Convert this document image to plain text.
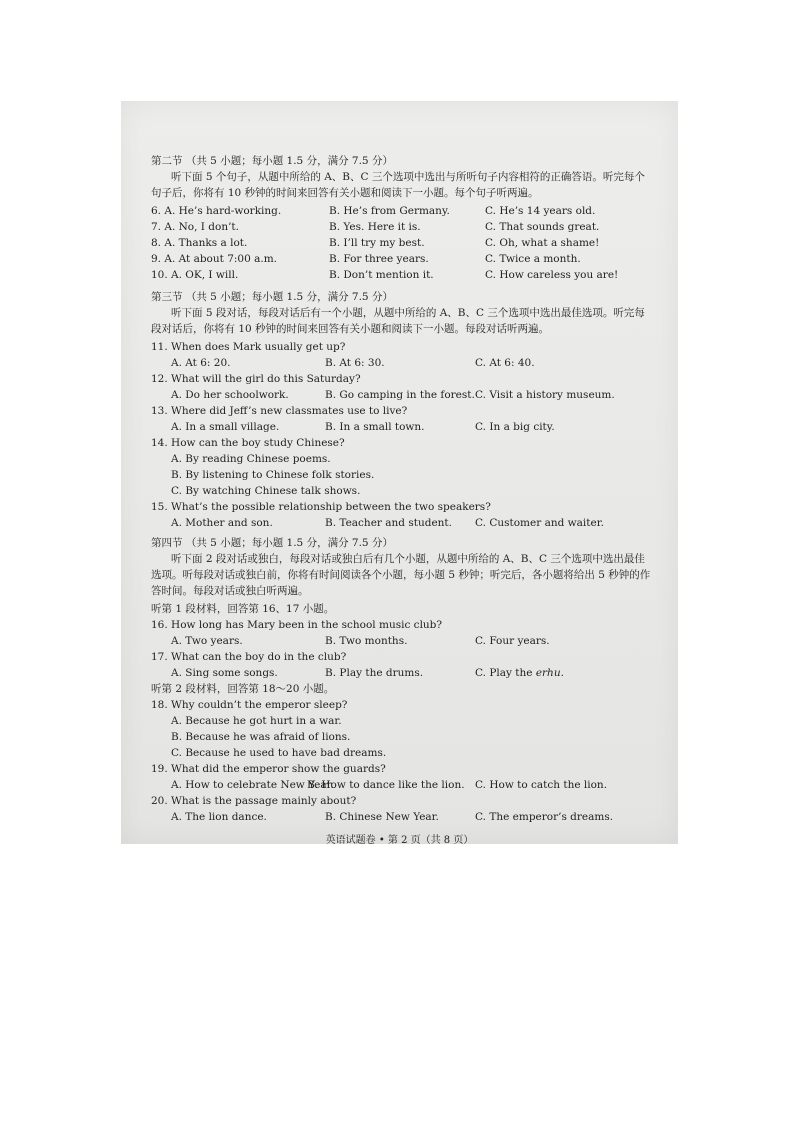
第二节 （共 5 小题；每小题 1.5 分，满分 7.5 分）

听下面 5 个句子，从题中所给的 A、B、C 三个选项中选出与所听句子内容相符的正确答语。听完每个句子后，你将有 10 秒钟的时间来回答有关小题和阅读下一小题。每个句子听两遍。

6. A. He’s hard-working.	B. He’s from Germany.	C. He’s 14 years old.
7. A. No, I don’t.	B. Yes. Here it is.	C. That sounds great.
8. A. Thanks a lot.	B. I’ll try my best.	C. Oh, what a shame!
9. A. At about 7:00 a.m.	B. For three years.	C. Twice a month.
10. A. OK, I will.	B. Don’t mention it.	C. How careless you are!
第三节 （共 5 小题；每小题 1.5 分，满分 7.5 分）

听下面 5 段对话，每段对话后有一个小题，从题中所给的 A、B、C 三个选项中选出最佳选项。听完每段对话后，你将有 10 秒钟的时间来回答有关小题和阅读下一小题。每段对话听两遍。

11. When does Mark usually get up?
A. At 6: 20.	B. At 6: 30.	C. At 6: 40.
12. What will the girl do this Saturday?
A. Do her schoolwork.	B. Go camping in the forest. C. Visit a history museum.
13. Where did Jeff’s new classmates use to live?
A. In a small village.	B. In a small town.	C. In a big city.
14. How can the boy study Chinese?
A. By reading Chinese poems.
B. By listening to Chinese folk stories.
C. By watching Chinese talk shows.
15. What’s the possible relationship between the two speakers?
A. Mother and son.	B. Teacher and student. C. Customer and waiter.
第四节 （共 5 小题；每小题 1.5 分，满分 7.5 分）

听下面 2 段对话或独白，每段对话或独白后有几个小题，从题中所给的 A、B、C 三个选项中选出最佳选项。听每段对话或独白前，你将有时间阅读各个小题，每小题 5 秒钟；听完后，各小题将给出 5 秒钟的作答时间。每段对话或独白听两遍。

听第 1 段材料，回答第 16、17 小题。
16. How long has Mary been in the school music club?
A. Two years.	B. Two months.	C. Four years.
17. What can the boy do in the club?
A. Sing some songs.	B. Play the drums.	C. Play the erhu.
听第 2 段材料，回答第 18～20 小题。
18. Why couldn’t the emperor sleep?
A. Because he got hurt in a war.
B. Because he was afraid of lions.
C. Because he used to have bad dreams.
19. What did the emperor show the guards?
A. How to celebrate New Year.
B. How to dance like the lion. C. How to catch the lion.
20. What is the passage mainly about?
A. The lion dance.	B. Chinese New Year.	C. The emperor’s dreams.
英语试题卷 • 第 2 页（共 8 页）
